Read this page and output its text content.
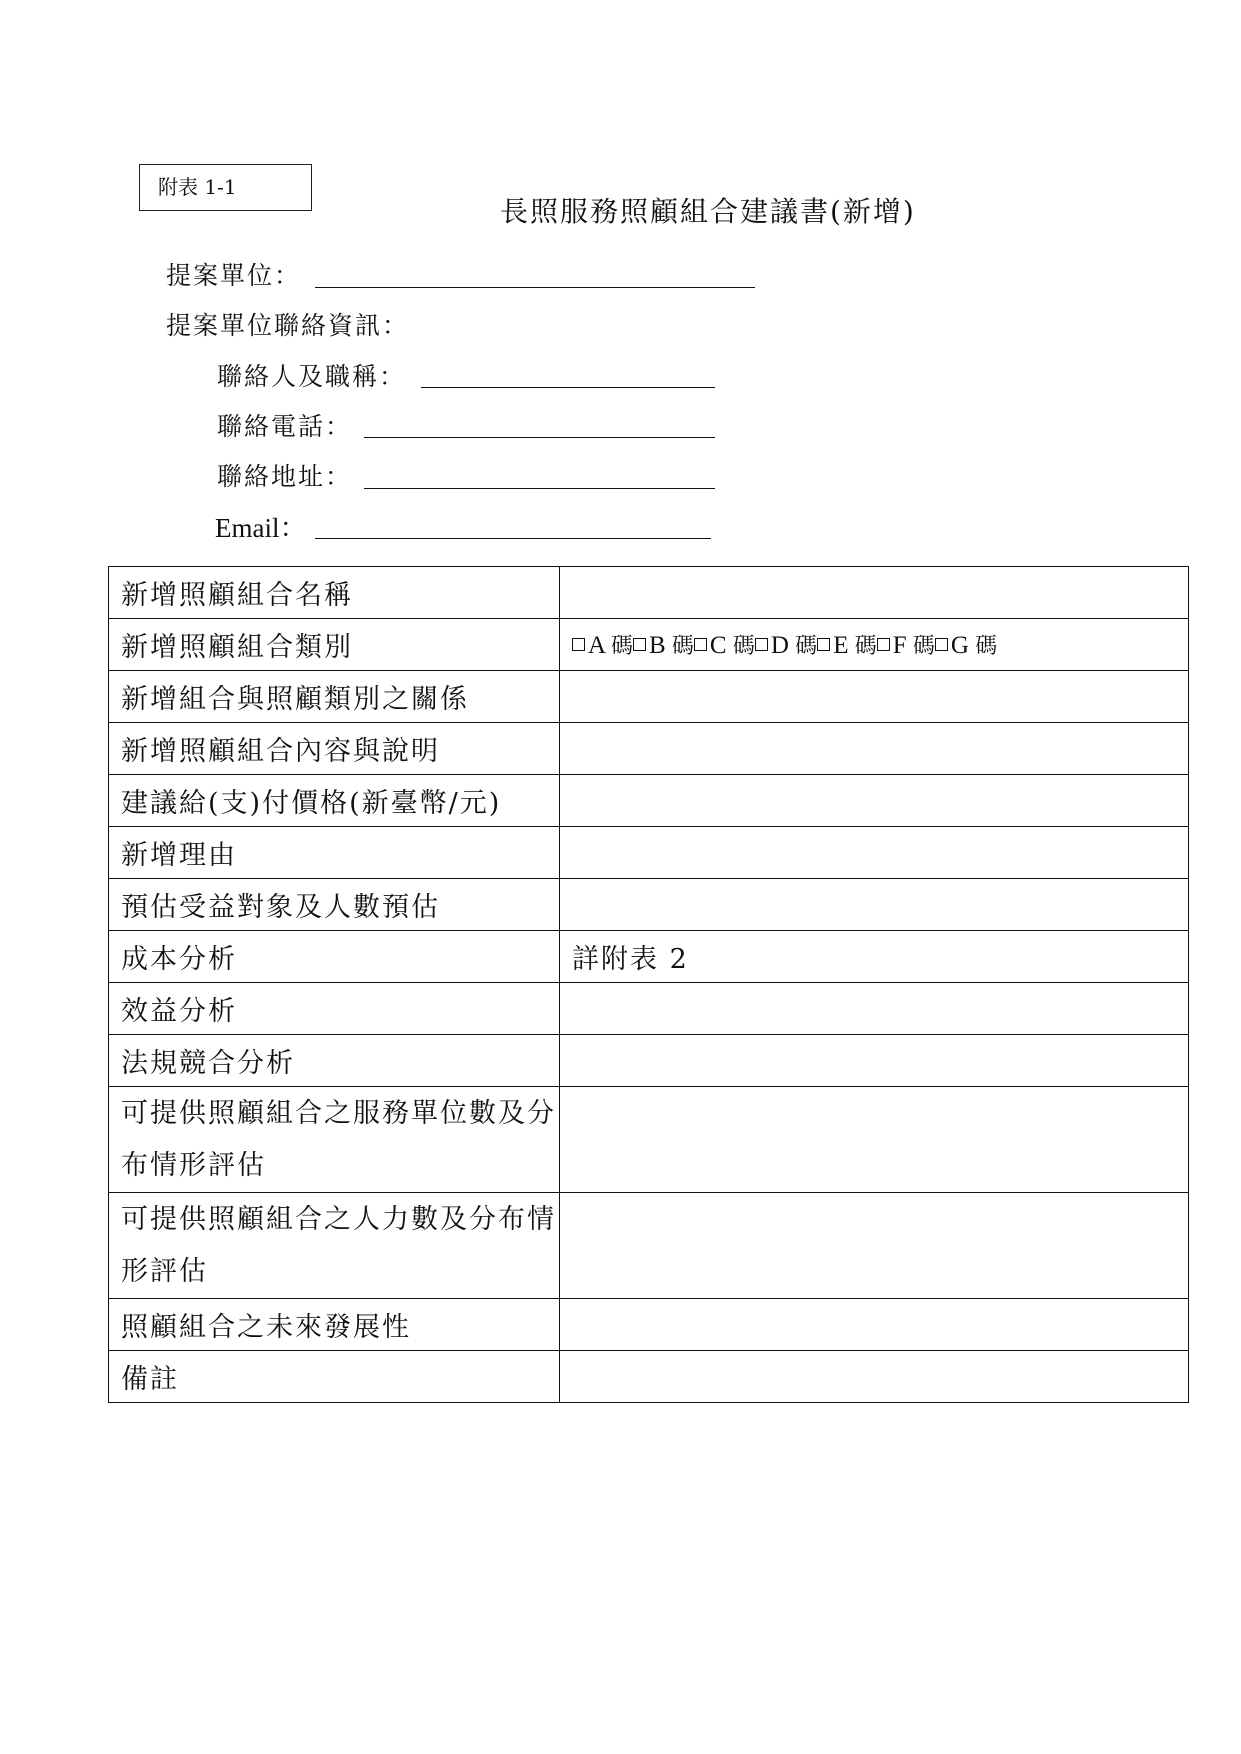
附表 1-1
長照服務照顧組合建議書(新增)
提案單位：
提案單位聯絡資訊：
聯絡人及職稱：
聯絡電話：
聯絡地址：
Email：
新增照顧組合名稱	
新增照顧組合類別	A 碼 B 碼 C 碼 D 碼 E 碼 F 碼 G 碼
新增組合與照顧類別之關係	
新增照顧組合內容與說明	
建議給(支)付價格(新臺幣/元)	
新增理由	
預估受益對象及人數預估	
成本分析	詳附表 2
效益分析	
法規競合分析	
可提供照顧組合之服務單位數及分布情形評估	
可提供照顧組合之人力數及分布情形評估	
照顧組合之未來發展性	
備註	
